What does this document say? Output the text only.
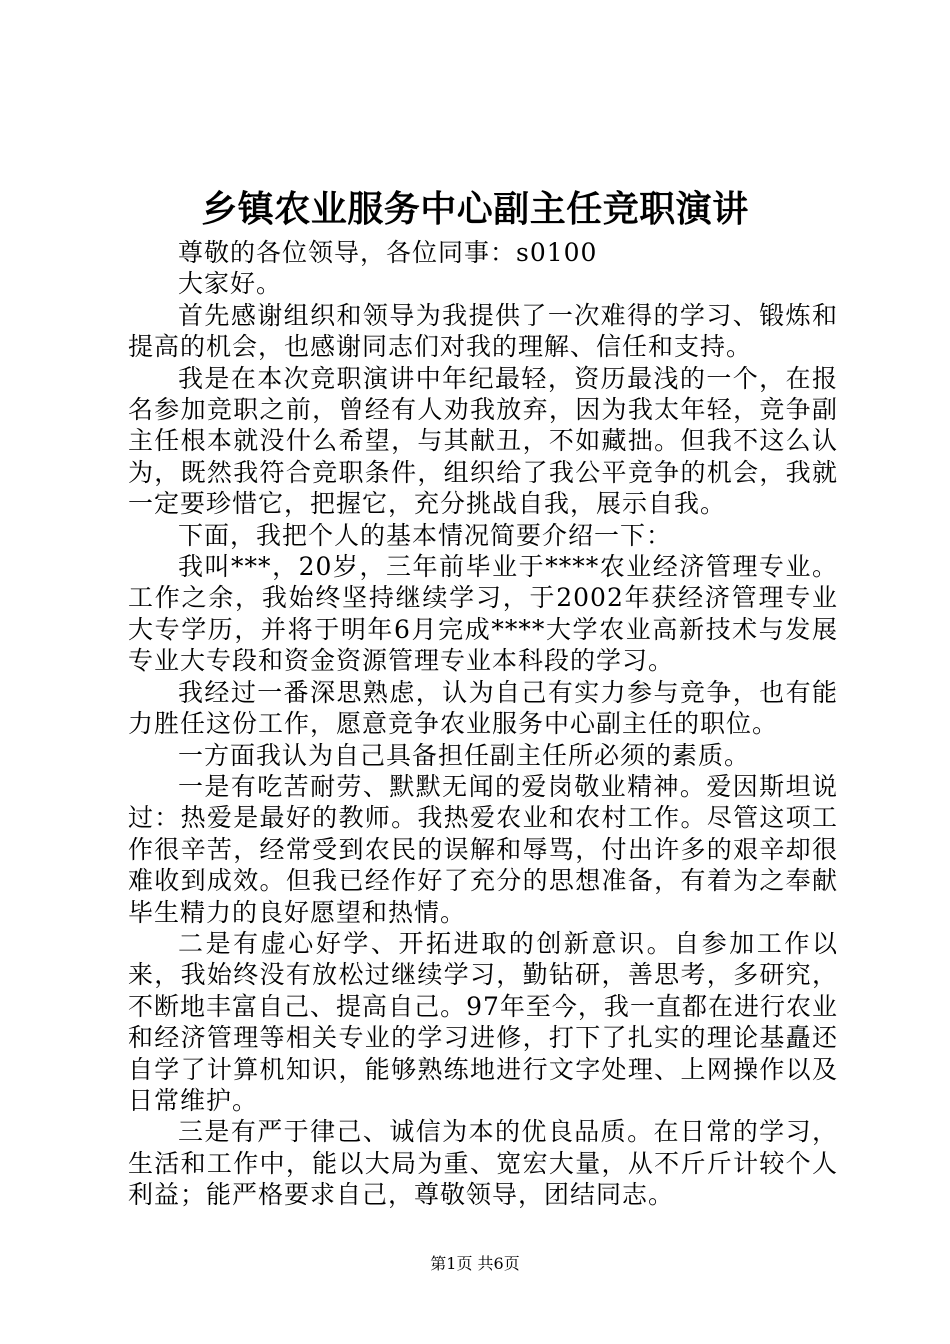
乡镇农业服务中心副主任竞职演讲

尊敬的各位领导，各位同事：s0100

大家好。

首先感谢组织和领导为我提供了一次难得的学习、锻炼和提高的机会，也感谢同志们对我的理解、信任和支持。

我是在本次竞职演讲中年纪最轻，资历最浅的一个，在报名参加竞职之前，曾经有人劝我放弃，因为我太年轻，竞争副主任根本就没什么希望，与其献丑，不如藏拙。但我不这么认为，既然我符合竞职条件，组织给了我公平竞争的机会，我就一定要珍惜它，把握它，充分挑战自我，展示自我。

下面，我把个人的基本情况简要介绍一下：

我叫***，20岁，三年前毕业于****农业经济管理专业。工作之余，我始终坚持继续学习，于2002年获经济管理专业大专学历，并将于明年6月完成****大学农业高新技术与发展专业大专段和资金资源管理专业本科段的学习。

我经过一番深思熟虑，认为自己有实力参与竞争，也有能力胜任这份工作，愿意竞争农业服务中心副主任的职位。

一方面我认为自己具备担任副主任所必须的素质。

一是有吃苦耐劳、默默无闻的爱岗敬业精神。爱因斯坦说过：热爱是最好的教师。我热爱农业和农村工作。尽管这项工作很辛苦，经常受到农民的误解和辱骂，付出许多的艰辛却很难收到成效。但我已经作好了充分的思想准备，有着为之奉献毕生精力的良好愿望和热情。

二是有虚心好学、开拓进取的创新意识。自参加工作以来，我始终没有放松过继续学习，勤钻研，善思考，多研究，不断地丰富自己、提高自己。97年至今，我一直都在进行农业和经济管理等相关专业的学习进修，打下了扎实的理论基矗还自学了计算机知识，能够熟练地进行文字处理、上网操作以及日常维护。

三是有严于律己、诚信为本的优良品质。在日常的学习，生活和工作中，能以大局为重、宽宏大量，从不斤斤计较个人利益；能严格要求自己，尊敬领导，团结同志。

第1页 共6页
